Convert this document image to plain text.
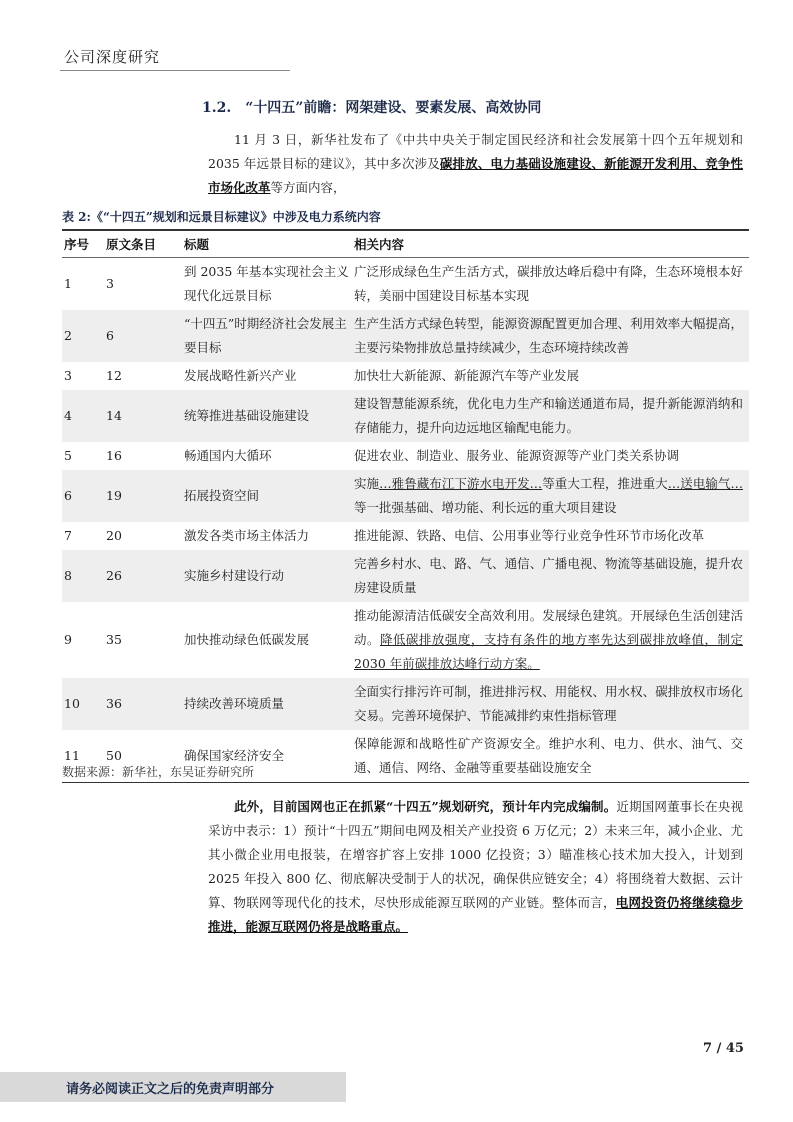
公司深度研究
1.2. “十四五”前瞻：网架建设、要素发展、高效协同
11 月 3 日，新华社发布了《中共中央关于制定国民经济和社会发展第十四个五年规划和 2035 年远景目标的建议》，其中多次涉及碳排放、电力基础设施建设、新能源开发利用、竞争性市场化改革等方面内容，
表 2:《“十四五”规划和远景目标建议》中涉及电力系统内容
序号	原文条目	标题	相关内容
1	3	到 2035 年基本实现社会主义现代化远景目标	广泛形成绿色生产生活方式，碳排放达峰后稳中有降，生态环境根本好转，美丽中国建设目标基本实现
2	6	“十四五”时期经济社会发展主要目标	生产生活方式绿色转型，能源资源配置更加合理、利用效率大幅提高，主要污染物排放总量持续减少，生态环境持续改善
3	12	发展战略性新兴产业	加快壮大新能源、新能源汽车等产业发展
4	14	统筹推进基础设施建设	建设智慧能源系统，优化电力生产和输送通道布局，提升新能源消纳和存储能力，提升向边远地区输配电能力。
5	16	畅通国内大循环	促进农业、制造业、服务业、能源资源等产业门类关系协调
6	19	拓展投资空间	实施…雅鲁藏布江下游水电开发…等重大工程，推进重大…送电输气…等一批强基础、增功能、利长远的重大项目建设
7	20	激发各类市场主体活力	推进能源、铁路、电信、公用事业等行业竞争性环节市场化改革
8	26	实施乡村建设行动	完善乡村水、电、路、气、通信、广播电视、物流等基础设施，提升农房建设质量
9	35	加快推动绿色低碳发展	推动能源清洁低碳安全高效利用。发展绿色建筑。开展绿色生活创建活动。降低碳排放强度，支持有条件的地方率先达到碳排放峰值，制定 2030 年前碳排放达峰行动方案。
10	36	持续改善环境质量	全面实行排污许可制，推进排污权、用能权、用水权、碳排放权市场化交易。完善环境保护、节能减排约束性指标管理
11	50	确保国家经济安全	保障能源和战略性矿产资源安全。维护水利、电力、供水、油气、交通、通信、网络、金融等重要基础设施安全
数据来源：新华社，东吴证券研究所
此外，目前国网也正在抓紧“十四五”规划研究，预计年内完成编制。近期国网董事长在央视采访中表示：1）预计“十四五”期间电网及相关产业投资 6 万亿元；2）未来三年，减小企业、尤其小微企业用电报装，在增容扩容上安排 1000 亿投资；3）瞄准核心技术加大投入，计划到 2025 年投入 800 亿、彻底解决受制于人的状况，确保供应链安全；4）将围绕着大数据、云计算、物联网等现代化的技术，尽快形成能源互联网的产业链。整体而言，电网投资仍将继续稳步推进，能源互联网仍将是战略重点。
7 / 45
请务必阅读正文之后的免责声明部分
